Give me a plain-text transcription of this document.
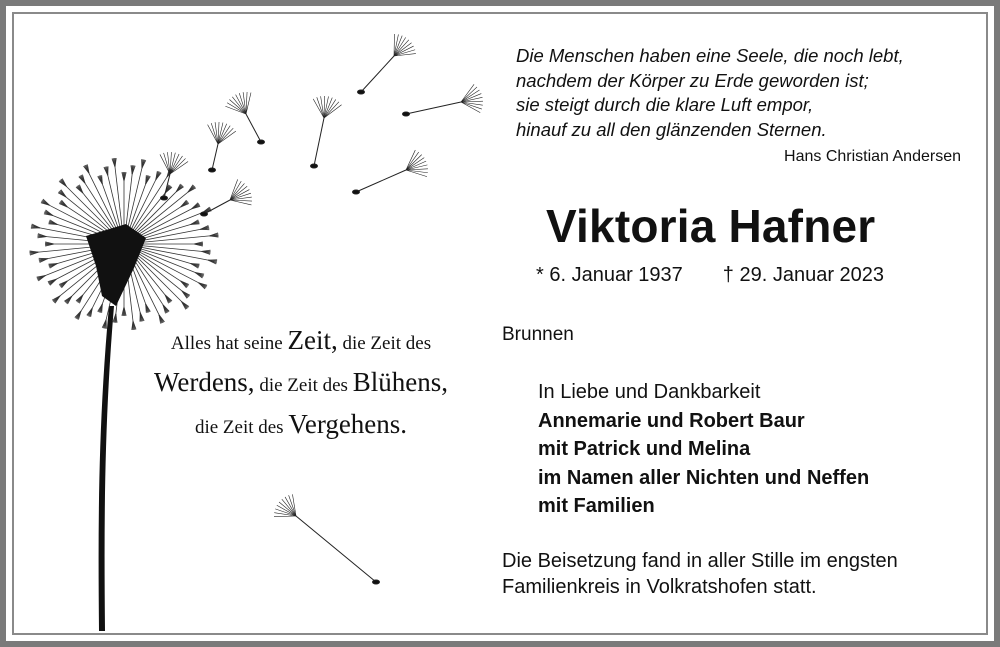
Die Menschen haben eine Seele, die noch lebt,
nachdem der Körper zu Erde geworden ist;
sie steigt durch die klare Luft empor,
hinauf zu all den glänzenden Sternen.
Hans Christian Andersen
Viktoria Hafner
* 6. Januar 1937 † 29. Januar 2023
Brunnen
In Liebe und Dankbarkeit
Annemarie und Robert Baur
mit Patrick und Melina
im Namen aller Nichten und Neffen
mit Familien
Die Beisetzung fand in aller Stille im engsten
Familienkreis in Volkratshofen statt.
Alles hat seine Zeit, die Zeit des
Werdens, die Zeit des Blühens,
die Zeit des Vergehens.
